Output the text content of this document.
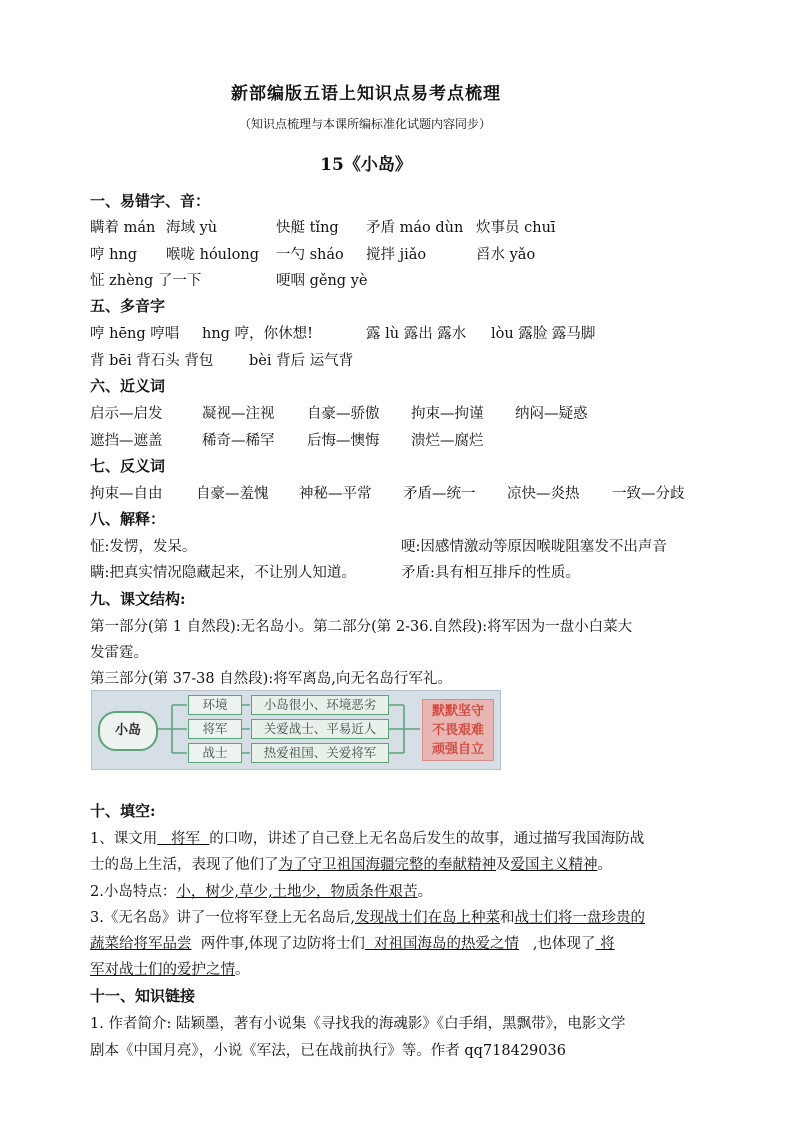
新部编版五语上知识点易考点梳理
（知识点梳理与本课所编标准化试题内容同步）
15《小岛》
一、易错字、音：
瞒着 mán 海域 yù	快艇 tǐng 矛盾 máo dùn 炊事员 chuī
哼 hng 喉咙 hóulong 一勺 sháo 搅拌 jiǎo	舀水 yǎo
怔 zhèng 了一下	哽咽 gěng yè
五、多音字
哼 hēng 哼唱 hng 哼，你休想!	露 lù 露出 露水 lòu 露脸 露马脚
背 bēi 背石头 背包 bèi 背后 运气背
六、近义词
启示—启发	凝视—注视 自豪—骄傲 拘束—拘谨 纳闷—疑惑
遮挡—遮盖	稀奇—稀罕 后悔—懊悔 溃烂—腐烂
七、反义词
拘束—自由 自豪—羞愧 神秘—平常 矛盾—统一 凉快—炎热 一致—分歧
八、解释：
怔:发愣，发呆。	哽:因感情激动等原因喉咙阻塞发不出声音
瞒:把真实情况隐藏起来，不让别人知道。	矛盾:具有相互排斥的性质。
九、课文结构:
第一部分(第 1 自然段):无名岛小。第二部分(第 2-36.自然段):将军因为一盘小白菜大
发雷霆。
第三部分(第 37-38 自然段):将军离岛,向无名岛行军礼。
小岛
环境
将军
战士
小岛很小、环境恶劣
关爱战士、平易近人
热爱祖国、关爱将军
默默坚守
不畏艰难
顽强自立
十、填空:
1、课文用   将军  的口吻，讲述了自己登上无名岛后发生的故事，通过描写我国海防战
士的岛上生活，表现了他们了为了守卫祖国海疆完整的奉献精神及爱国主义精神。
2.小岛特点：小，树少,草少,土地少，物质条件艰苦。
3.《无名岛》讲了一位将军登上无名岛后,发现战士们在岛上种菜和战士们将一盘珍贵的
蔬菜给将军品尝  两件事,体现了边防将士们  对祖国海岛的热爱之情   ,也体现了 将
军对战士们的爱护之情。
十一、知识链接
1. 作者简介: 陆颖墨，著有小说集《寻找我的海魂影》《白手绢，黑飘带》，电影文学
剧本《中国月亮》，小说《军法，已在战前执行》等。作者 qq718429036
